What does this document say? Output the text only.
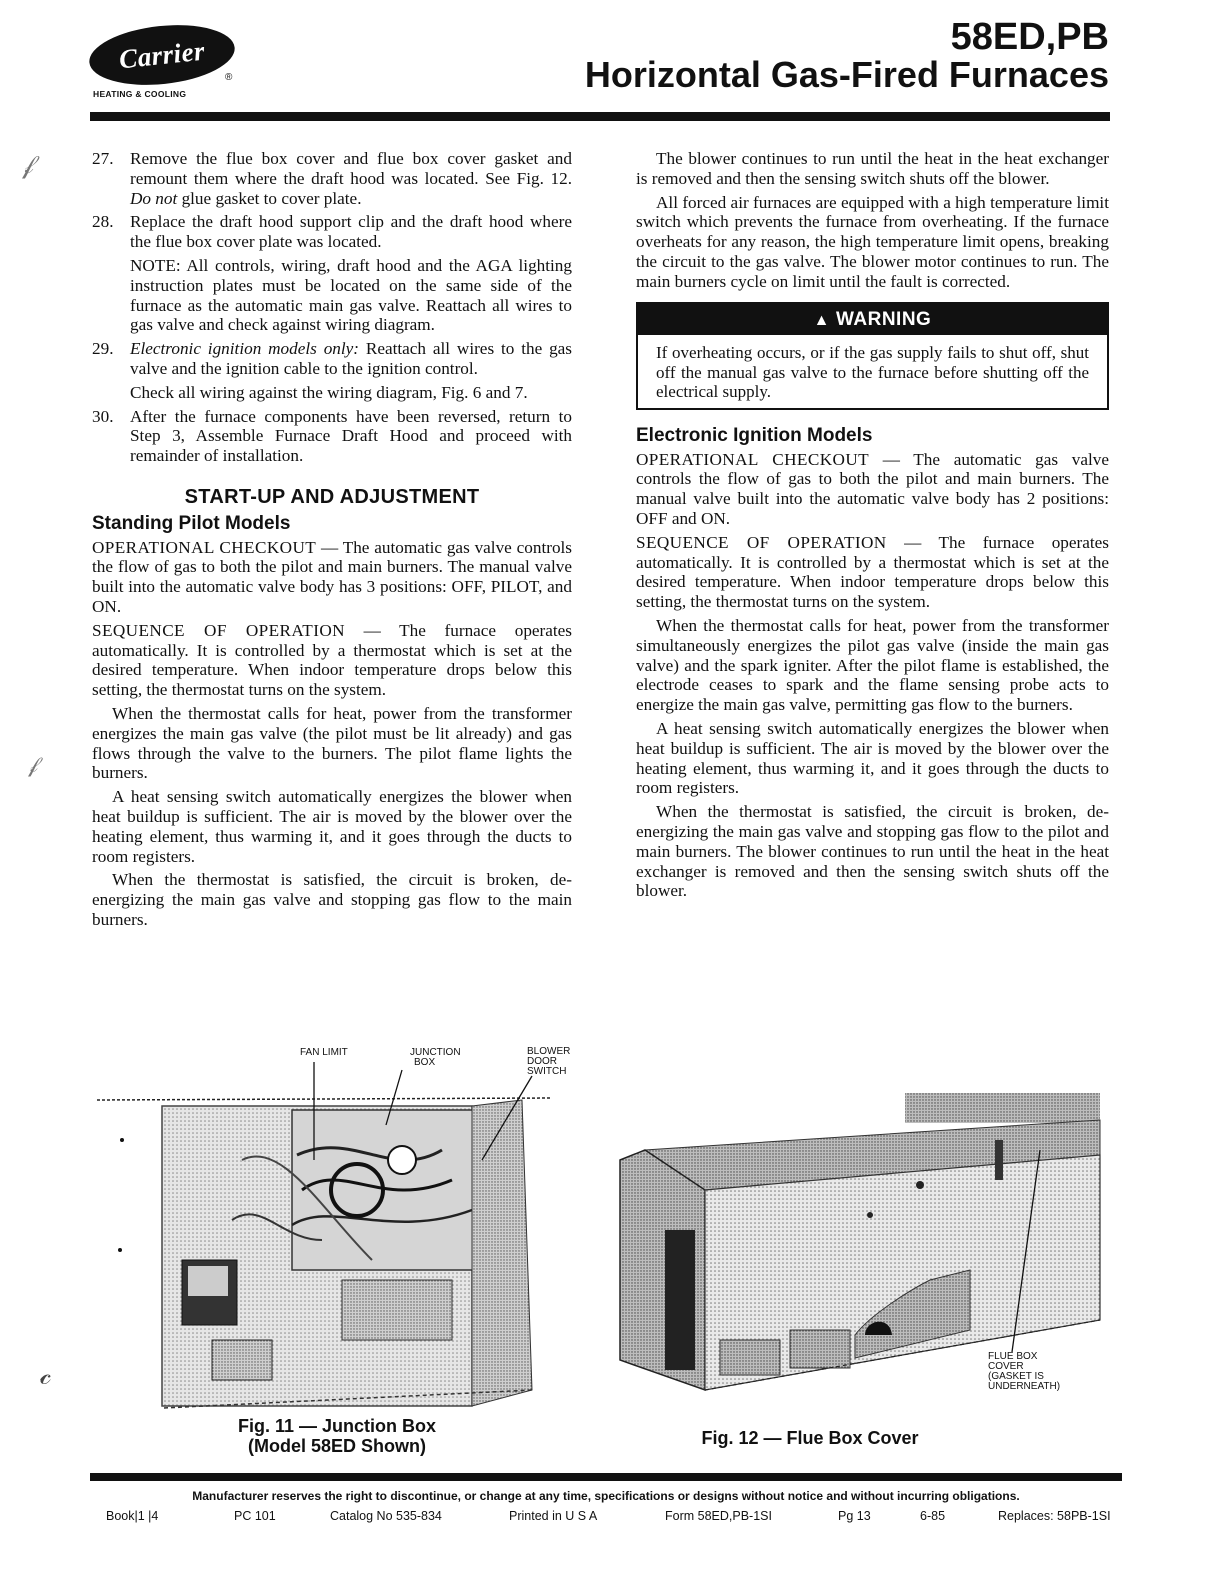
Carrier
®
HEATING & COOLING
58ED,PB
Horizontal Gas-Fired Furnaces
𝒻
𝒻
𝒸
27. Remove the flue box cover and flue box cover gasket and remount them where the draft hood was located. See Fig. 12. Do not glue gasket to cover plate.

28. Replace the draft hood support clip and the draft hood where the flue box cover plate was located.

NOTE: All controls, wiring, draft hood and the AGA lighting instruction plates must be located on the same side of the furnace as the automatic main gas valve. Reattach all wires to gas valve and check against wiring diagram.

29. Electronic ignition models only: Reattach all wires to the gas valve and the ignition cable to the ignition control.

Check all wiring against the wiring diagram, Fig. 6 and 7.

30. After the furnace components have been reversed, return to Step 3, Assemble Furnace Draft Hood and proceed with remainder of installation.

START-UP AND ADJUSTMENT
Standing Pilot Models

OPERATIONAL CHECKOUT — The automatic gas valve controls the flow of gas to both the pilot and main burners. The manual valve built into the automatic valve body has 3 positions: OFF, PILOT, and ON.

SEQUENCE OF OPERATION — The furnace operates automatically. It is controlled by a thermostat which is set at the desired temperature. When indoor temperature drops below this setting, the thermostat turns on the system.

When the thermostat calls for heat, power from the transformer energizes the main gas valve (the pilot must be lit already) and gas flows through the valve to the burners. The pilot flame lights the burners.

A heat sensing switch automatically energizes the blower when heat buildup is sufficient. The air is moved by the blower over the heating element, thus warming it, and it goes through the ducts to room registers.

When the thermostat is satisfied, the circuit is broken, de-energizing the main gas valve and stopping gas flow to the main burners.

The blower continues to run until the heat in the heat exchanger is removed and then the sensing switch shuts off the blower.

All forced air furnaces are equipped with a high temperature limit switch which prevents the furnace from overheating. If the furnace overheats for any reason, the high temperature limit opens, breaking the circuit to the gas valve. The blower motor continues to run. The main burners cycle on limit until the fault is corrected.

▲ WARNING
If overheating occurs, or if the gas supply fails to shut off, shut off the manual gas valve to the furnace before shutting off the electrical supply.
Electronic Ignition Models

OPERATIONAL CHECKOUT — The automatic gas valve controls the flow of gas to both the pilot and main burners. The manual valve built into the automatic valve body has 2 positions: OFF and ON.

SEQUENCE OF OPERATION — The furnace operates automatically. It is controlled by a thermostat which is set at the desired temperature. When indoor temperature drops below this setting, the thermostat turns on the system.

When the thermostat calls for heat, power from the transformer simultaneously energizes the pilot gas valve (inside the main gas valve) and the spark igniter. After the pilot flame is established, the electrode ceases to spark and the flame sensing probe acts to energize the main gas valve, permitting gas flow to the burners.

A heat sensing switch automatically energizes the blower when heat buildup is sufficient. The air is moved by the blower over the heating element, thus warming it, and it goes through the ducts to room registers.

When the thermostat is satisfied, the circuit is broken, de-energizing the main gas valve and stopping gas flow to the pilot and main burners. The blower continues to run until the heat in the heat exchanger is removed and then the sensing switch shuts off the blower.

FAN LIMIT	JUNCTION
BOX
BLOWER
DOOR
SWITCH
Fig. 11 — Junction Box
(Model 58ED Shown)
FLUE BOX
COVER
(GASKET IS
UNDERNEATH)
Fig. 12 — Flue Box Cover
Manufacturer reserves the right to discontinue, or change at any time, specifications or designs without notice and without incurring obligations.
Book|1 |4	PC 101	Catalog No 535-834	Printed in U S A	Form 58ED,PB-1SI	Pg 13	6-85	Replaces: 58PB-1SI
